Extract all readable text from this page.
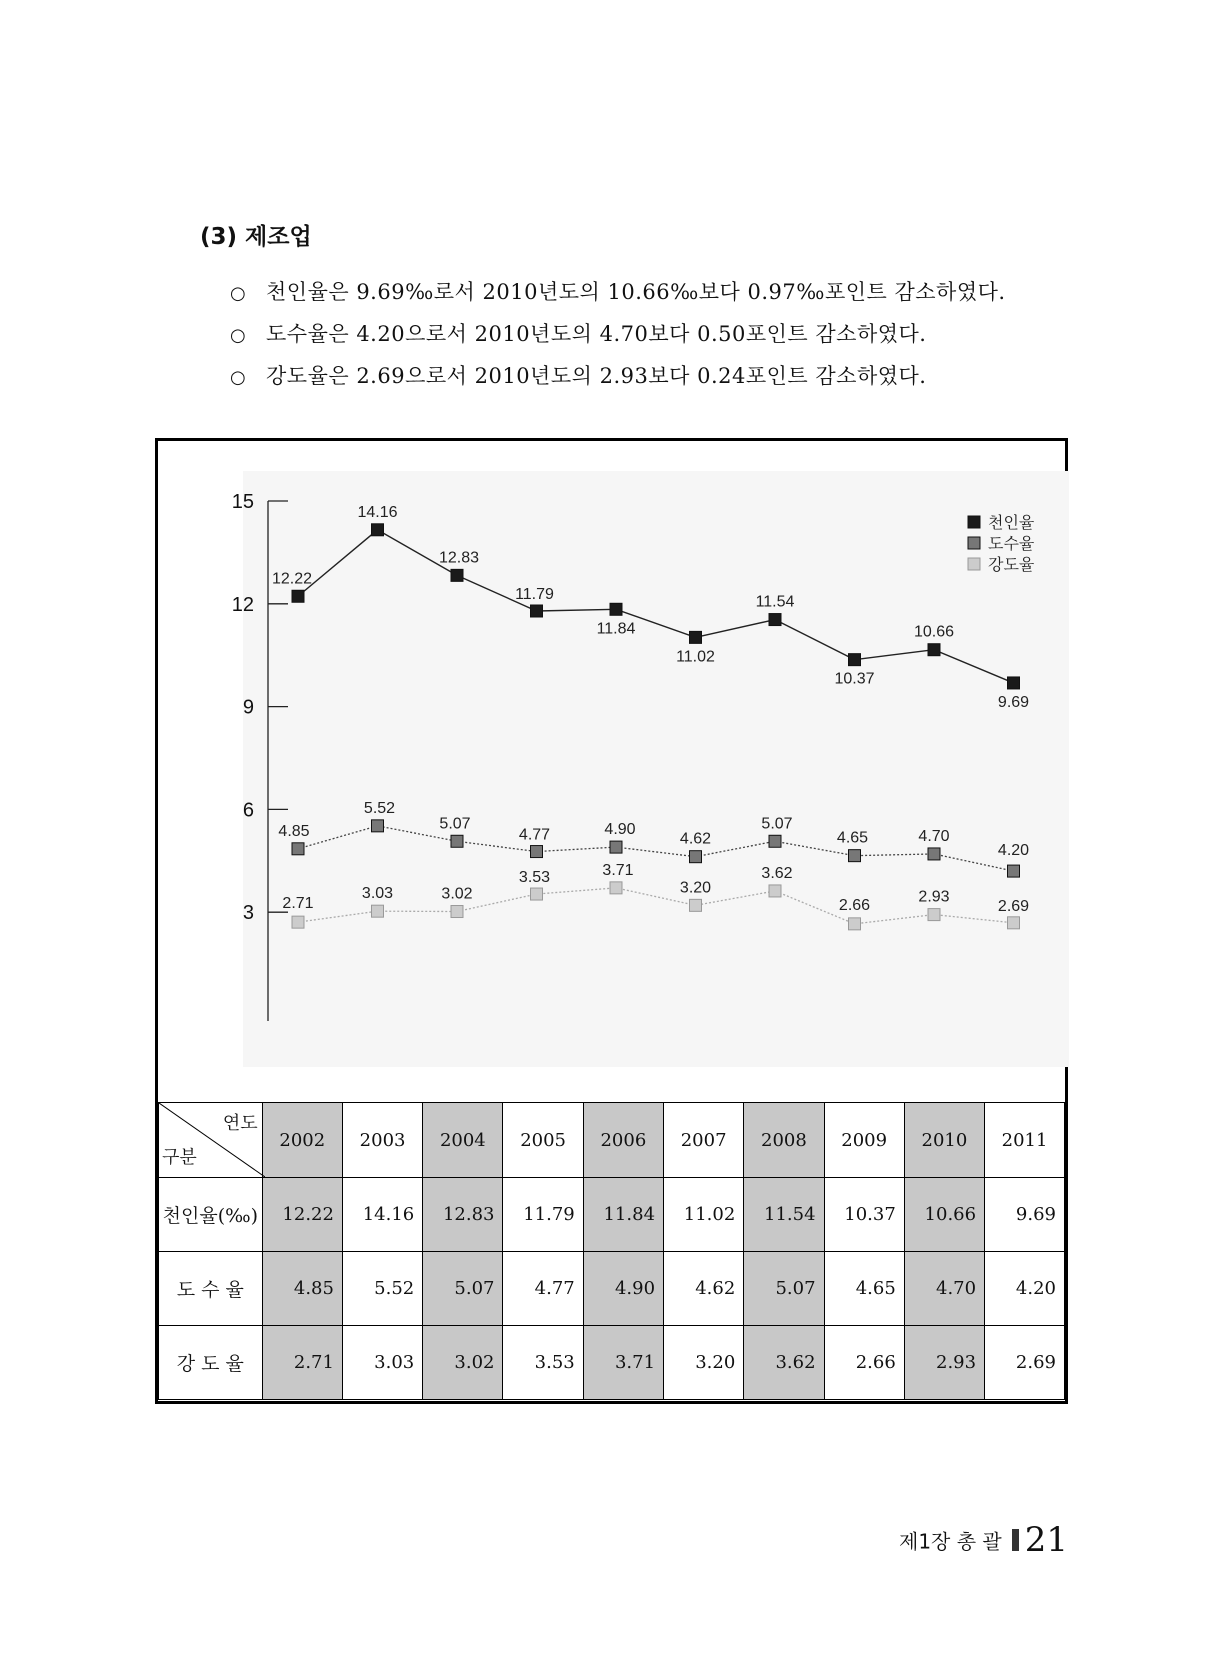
(3) 제조업
○ 천인율은 9.69‰로서 2010년도의 10.66‰보다 0.97‰포인트 감소하였다.
○ 도수율은 4.20으로서 2010년도의 4.70보다 0.50포인트 감소하였다.
○ 강도율은 2.69으로서 2010년도의 2.93보다 0.24포인트 감소하였다.
3
6
9
12
15
12.22
14.16
12.83
11.79
11.84
11.02
11.54
10.37
10.66
9.69
4.85
5.52
5.07
4.77	4.90
4.62
5.07
4.65	4.70
4.20
2.71
3.03	3.02
3.53	3.71
3.20
3.62
2.66	2.93
2.69
천인율
도수율
강도율
연도
구분	2002	2003	2004	2005	2006	2007	2008	2009	2010	2011
천인율(‰)	12.22	14.16	12.83	11.79	11.84	11.02	11.54	10.37	10.66	9.69
도 수 율	4.85	5.52	5.07	4.77	4.90	4.62	5.07	4.65	4.70	4.20
강 도 율	2.71	3.03	3.02	3.53	3.71	3.20	3.62	2.66	2.93	2.69
제1장 총 괄 21
